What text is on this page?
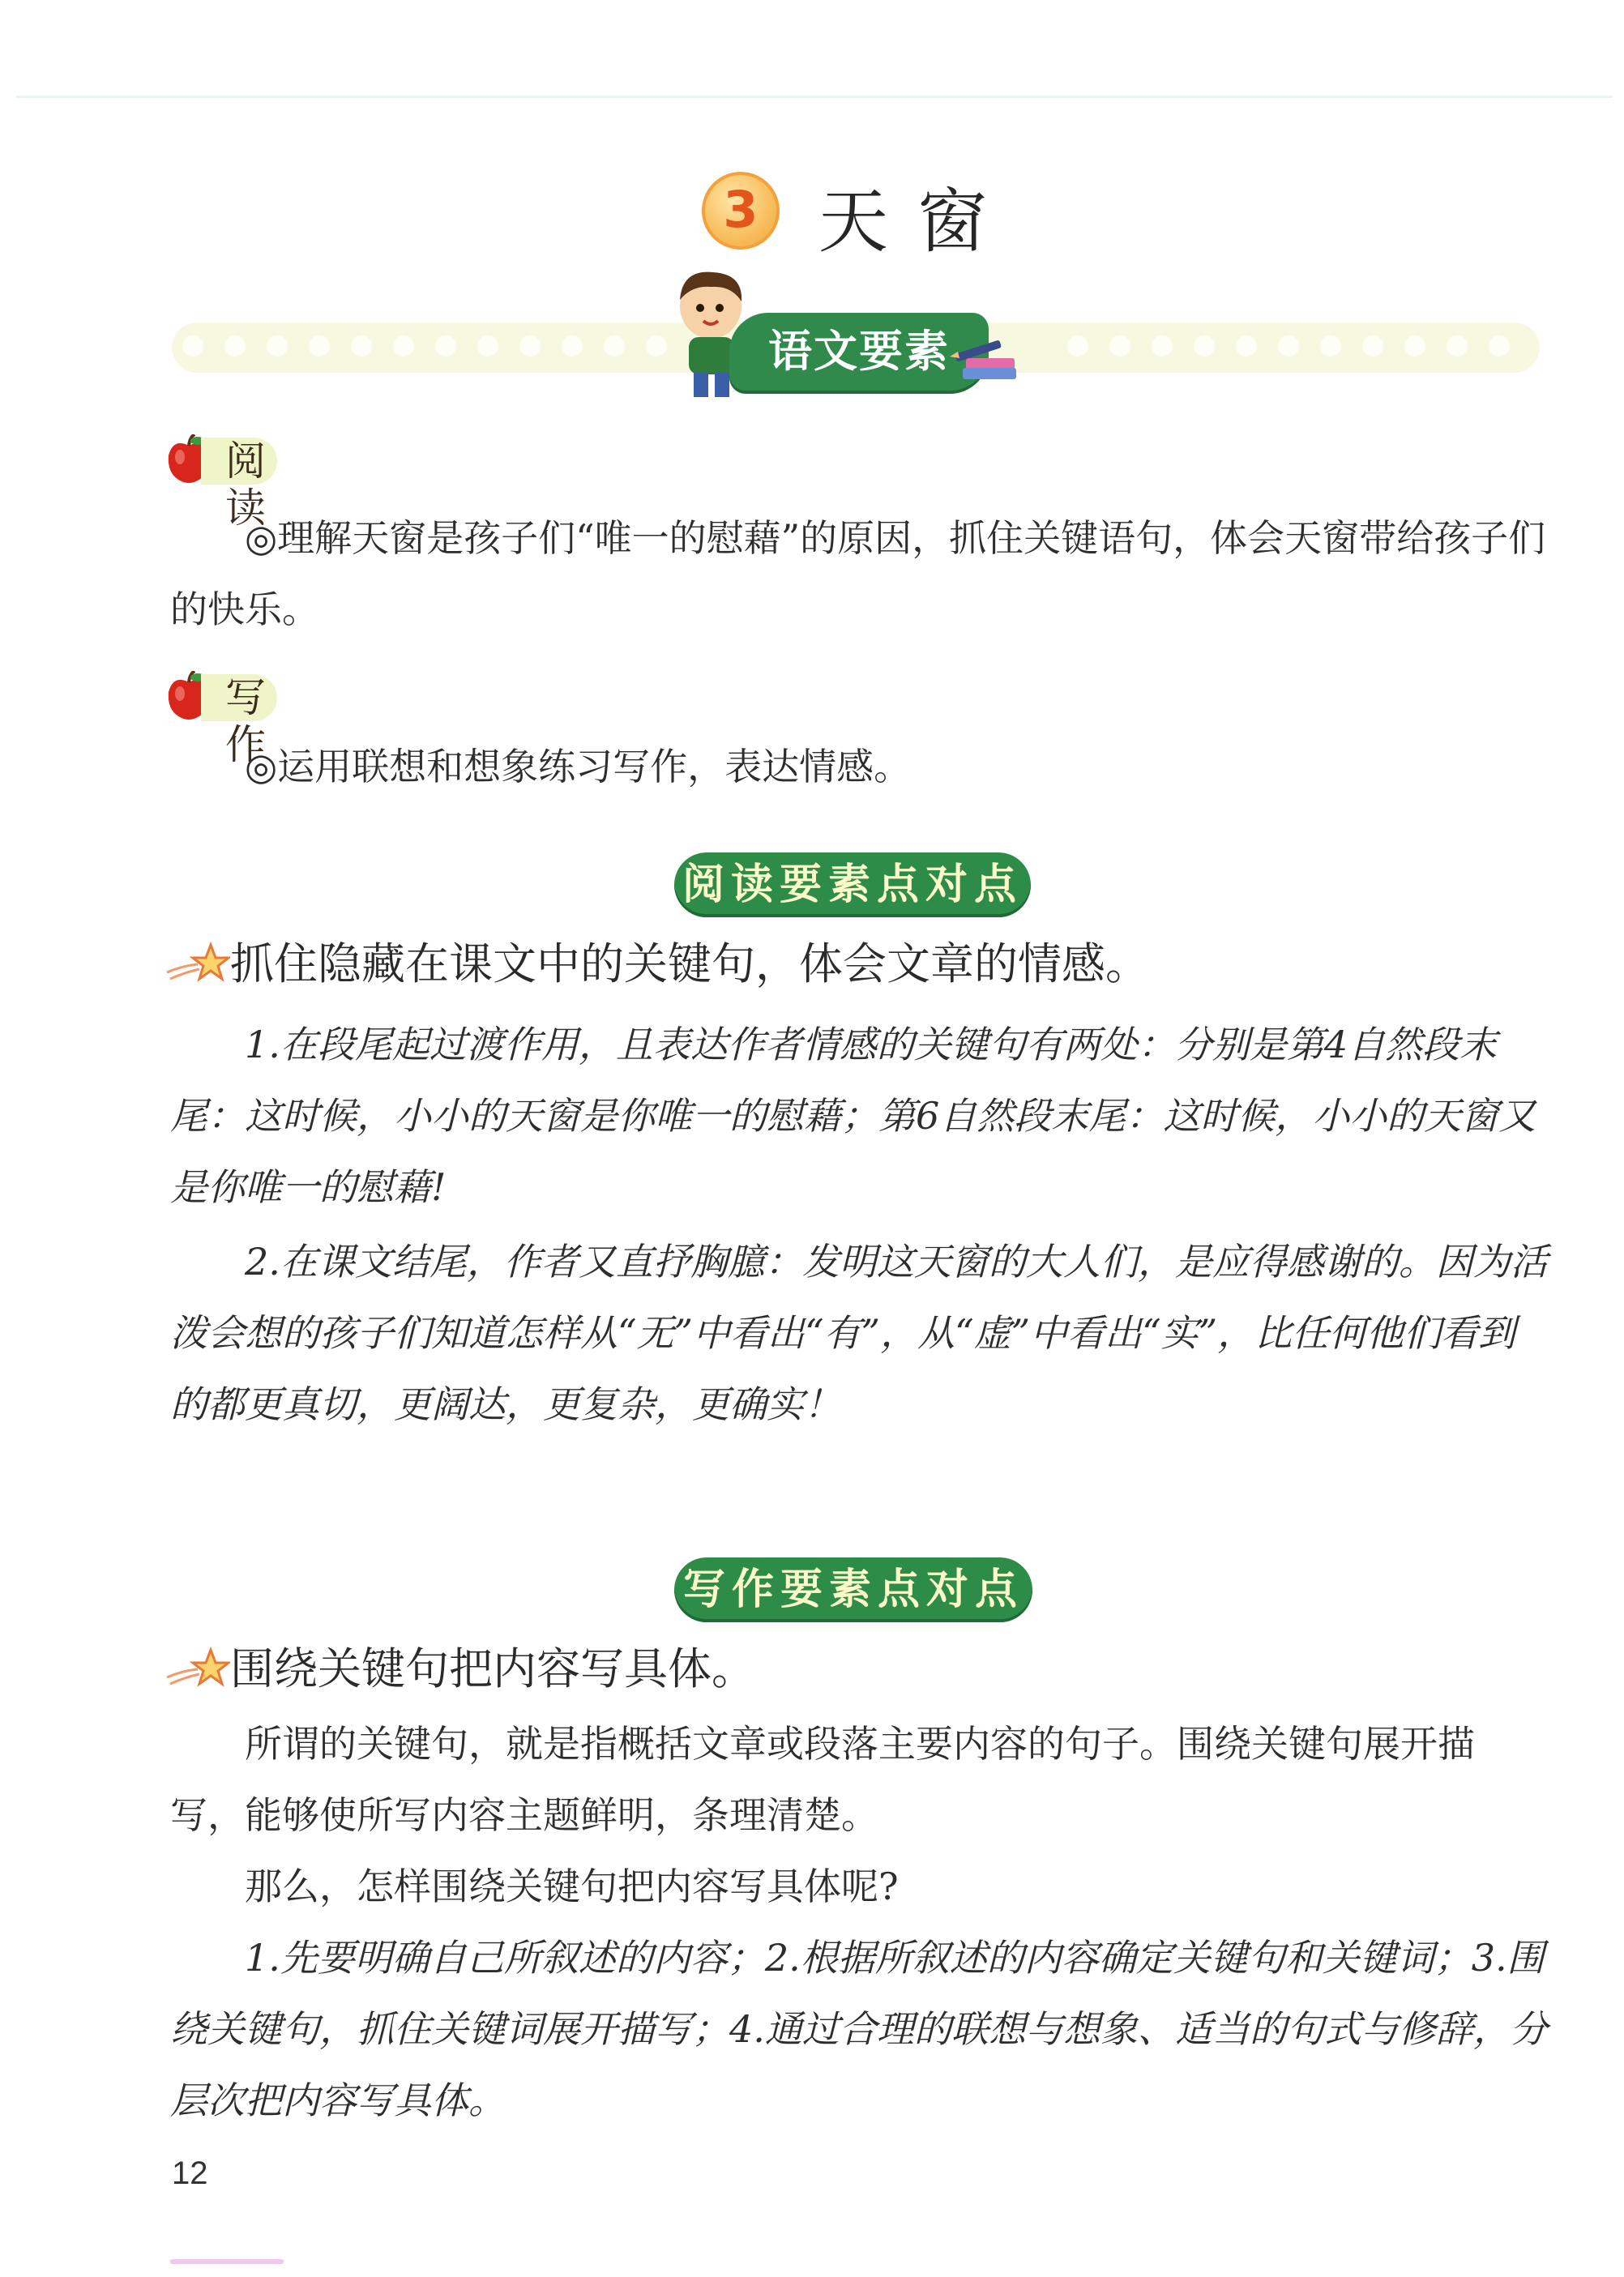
3 天窗
语文要素
阅读

◎理解天窗是孩子们“唯一的慰藉”的原因，抓住关键语句，体会天窗带给孩子们的快乐。

写作

◎运用联想和想象练习写作，表达情感。

阅读要素点对点
抓住隐藏在课文中的关键句，体会文章的情感。

1.在段尾起过渡作用，且表达作者情感的关键句有两处：分别是第4自然段末尾：这时候，小小的天窗是你唯一的慰藉；第6自然段末尾：这时候，小小的天窗又是你唯一的慰藉!

2.在课文结尾，作者又直抒胸臆：发明这天窗的大人们，是应得感谢的。因为活泼会想的孩子们知道怎样从“无”中看出“有”，从“虚”中看出“实”，比任何他们看到的都更真切，更阔达，更复杂，更确实！

写作要素点对点
围绕关键句把内容写具体。

所谓的关键句，就是指概括文章或段落主要内容的句子。围绕关键句展开描写，能够使所写内容主题鲜明，条理清楚。

那么，怎样围绕关键句把内容写具体呢?

1.先要明确自己所叙述的内容；2.根据所叙述的内容确定关键句和关键词；3.围绕关键句，抓住关键词展开描写；4.通过合理的联想与想象、适当的句式与修辞，分层次把内容写具体。

12
